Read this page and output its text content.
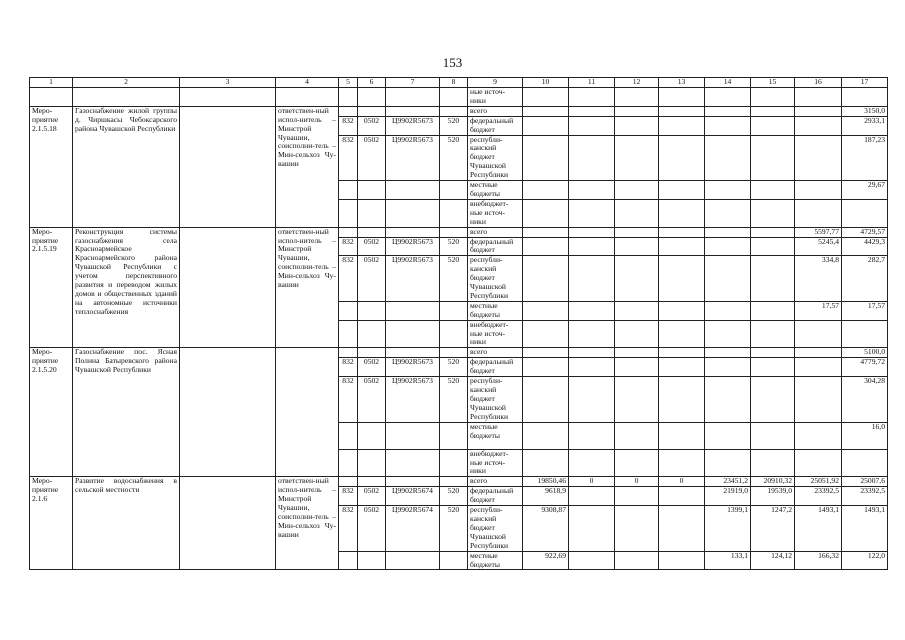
153
1	2	3	4	5	6	7	8	9	10	11	12	13	14	15	16	17
								ные источ-ники								
Меро-приятие 2.1.5.18	Газоснабжение жилой группы д. Чиршкасы Чебоксарского района Чувашской Республики		ответствен-ный испол-нитель – Минстрой Чувашии, соисполни-тель – Мин-сельхоз Чу-вашии					всего								3150,0
				832	0502	Ц9902R5673	520	федеральный бюджет								2933,1
				832	0502	Ц9902R5673	520	республи-канский бюджет Чувашской Республики								187,23
								местные бюджеты								29,67
								внебюджет-ные источ-ники								
Меро-приятие 2.1.5.19	Реконструкция системы газоснабжения села Красноармейское Красноармейского района Чувашской Республики с учетом перспективного развития и переводом жилых домов и общественных зданий на автономные источники теплоснабжения		ответствен-ный испол-нитель – Минстрой Чувашии, соисполни-тель – Мин-сельхоз Чу-вашии					всего							5597,77	4729,57
				832	0502	Ц9902R5673	520	федеральный бюджет							5245,4	4429,3
				832	0502	Ц9902R5673	520	республи-канский бюджет Чувашской Республики							334,8	282,7
								местные бюджеты							17,57	17,57
								внебюджет-ные источ-ники								
Меро-приятие 2.1.5.20	Газоснабжение пос. Ясная Полина Батыревского района Чувашской Республики							всего								5100,0
				832	0502	Ц9902R5673	520	федеральный бюджет								4779,72
				832	0502	Ц9902R5673	520	республи-канский бюджет Чувашской Республики								304,28
								местные бюджеты								16,0
								внебюджет-ные источ-ники								
Меро-приятие 2.1.6	Развитие водоснабжения в сельской местности		ответствен-ный испол-нитель – Минстрой Чувашии, соисполни-тель – Мин-сельхоз Чу-вашии					всего	19850,46	0	0	0	23451,2	20910,32	25051,92	25007,6
				832	0502	Ц9902R5674	520	федеральный бюджет	9618,9				21919,0	19539,0	23392,5	23392,5
				832	0502	Ц9902R5674	520	республи-канский бюджет Чувашской Республики	9308,87				1399,1	1247,2	1493,1	1493,1
								местные бюджеты	922,69				133,1	124,12	166,32	122,0
